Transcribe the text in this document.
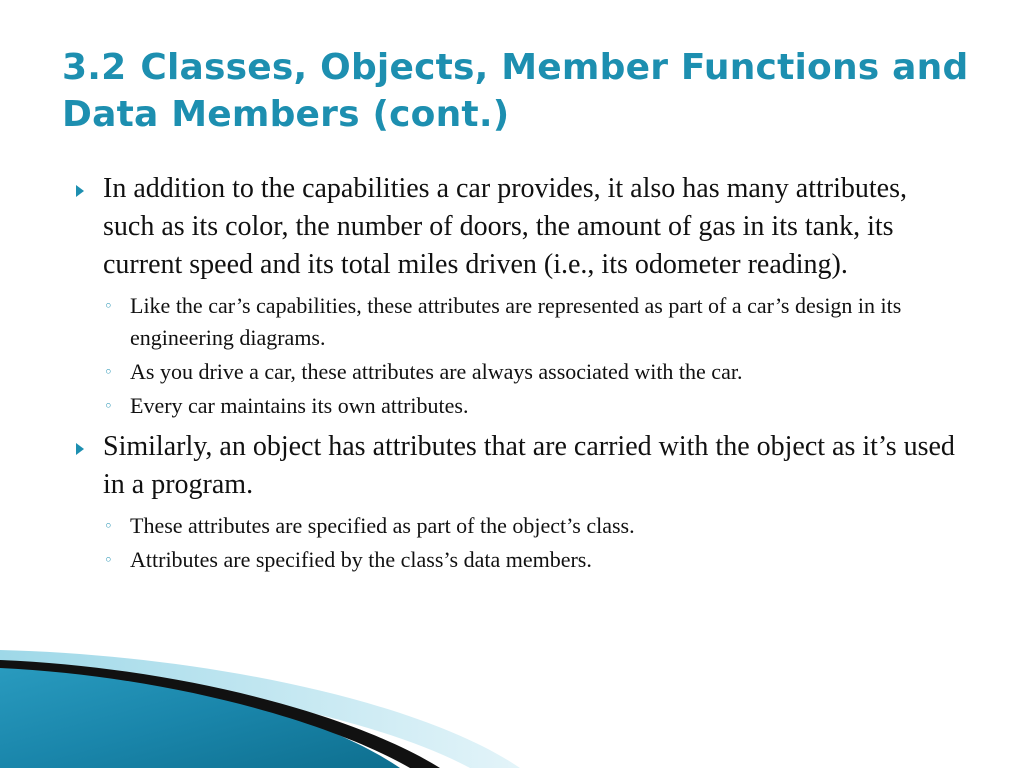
3.2 Classes, Objects, Member Functions and Data Members (cont.)
In addition to the capabilities a car provides, it also has many attributes, such as its color, the number of doors, the amount of gas in its tank, its current speed and its total miles driven (i.e., its odometer reading).
◦ Like the car’s capabilities, these attributes are represented as part of a car’s design in its engineering diagrams.
◦ As you drive a car, these attributes are always associated with the car.
◦ Every car maintains its own attributes.
Similarly, an object has attributes that are carried with the object as it’s used in a program.
◦ These attributes are specified as part of the object’s class.
◦ Attributes are specified by the class’s data members.
